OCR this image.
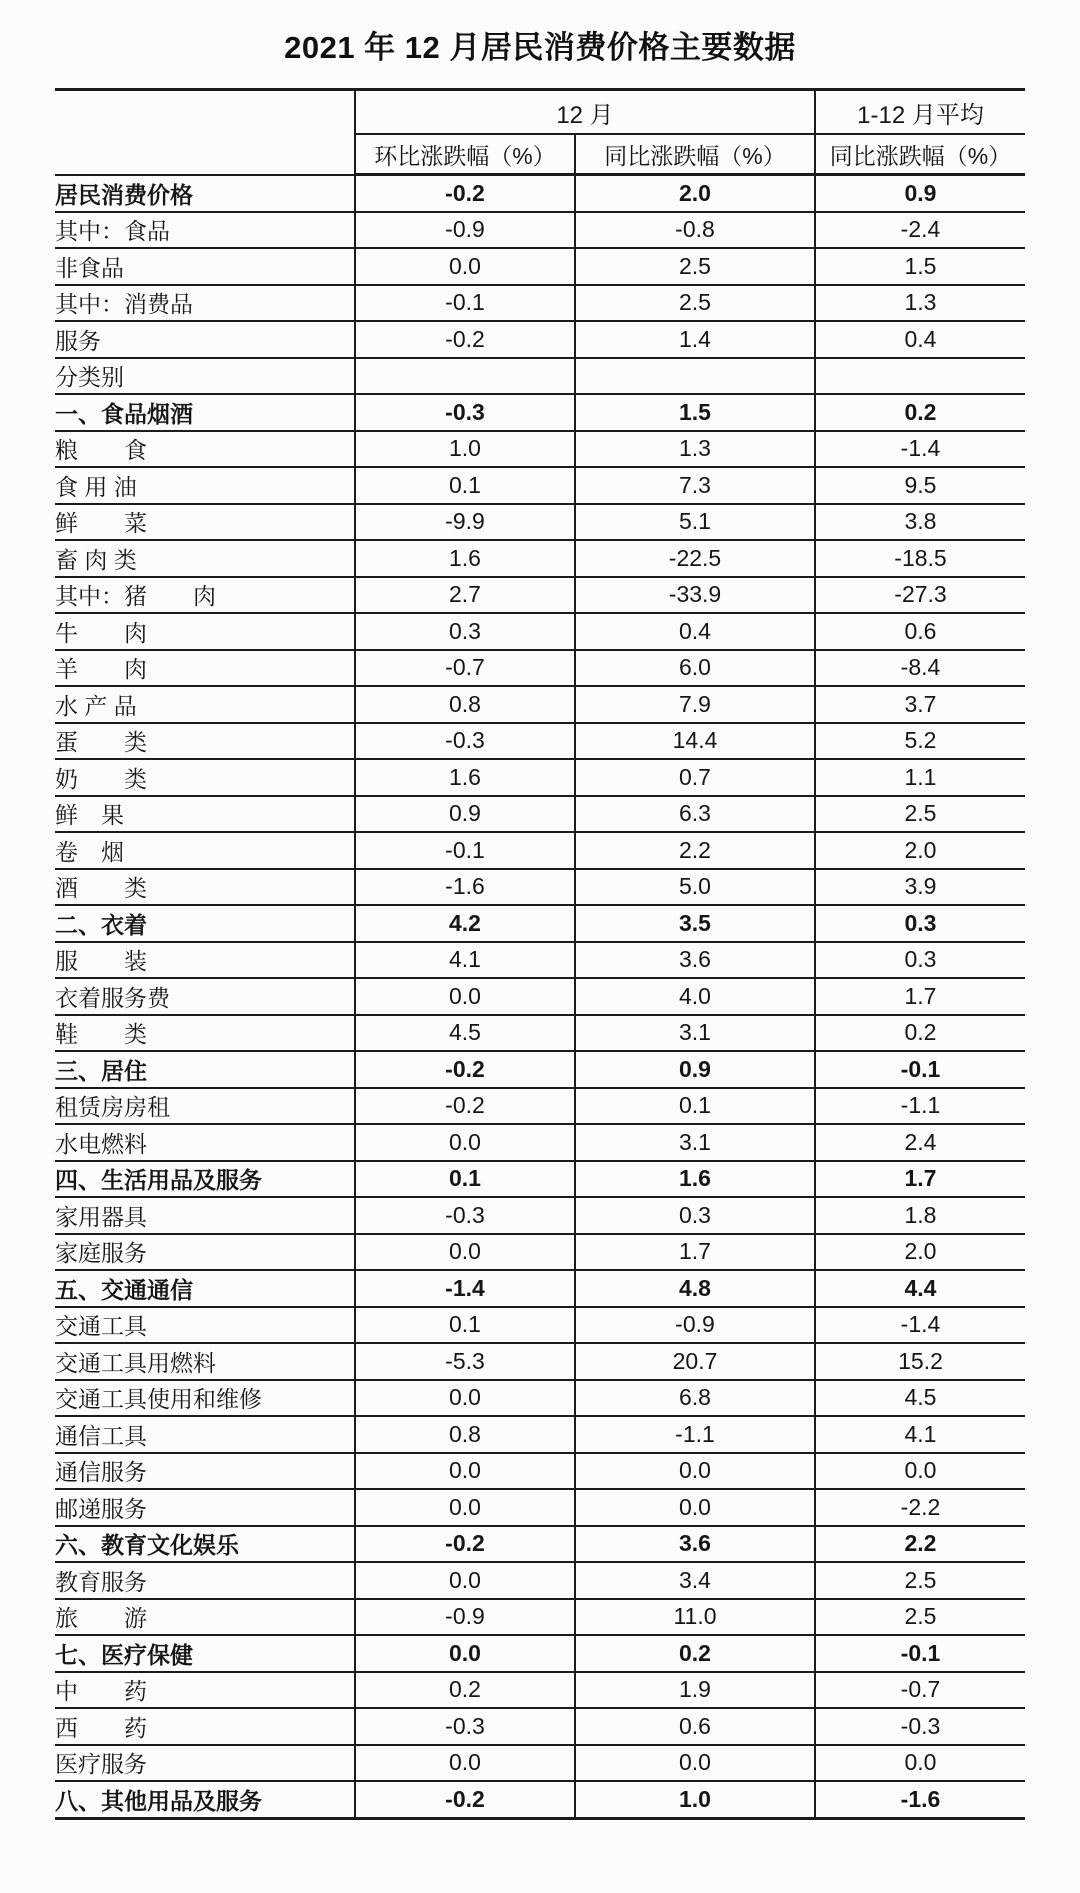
2021 年 12 月居民消费价格主要数据
	12 月		1-12 月平均
	环比涨跌幅（%）	同比涨跌幅（%）	同比涨跌幅（%）
居民消费价格	-0.2	2.0	0.9
其中：食品	-0.9	-0.8	-2.4
非食品	0.0	2.5	1.5
其中：消费品	-0.1	2.5	1.3
服务	-0.2	1.4	0.4
分类别			
一、食品烟酒	-0.3	1.5	0.2
粮　　食	1.0	1.3	-1.4
食 用 油	0.1	7.3	9.5
鲜　　菜	-9.9	5.1	3.8
畜 肉 类	1.6	-22.5	-18.5
其中：猪　　肉	2.7	-33.9	-27.3
牛　　肉	0.3	0.4	0.6
羊　　肉	-0.7	6.0	-8.4
水 产 品	0.8	7.9	3.7
蛋　　类	-0.3	14.4	5.2
奶　　类	1.6	0.7	1.1
鲜　果	0.9	6.3	2.5
卷　烟	-0.1	2.2	2.0
酒　　类	-1.6	5.0	3.9
二、衣着	4.2	3.5	0.3
服　　装	4.1	3.6	0.3
衣着服务费	0.0	4.0	1.7
鞋　　类	4.5	3.1	0.2
三、居住	-0.2	0.9	-0.1
租赁房房租	-0.2	0.1	-1.1
水电燃料	0.0	3.1	2.4
四、生活用品及服务	0.1	1.6	1.7
家用器具	-0.3	0.3	1.8
家庭服务	0.0	1.7	2.0
五、交通通信	-1.4	4.8	4.4
交通工具	0.1	-0.9	-1.4
交通工具用燃料	-5.3	20.7	15.2
交通工具使用和维修	0.0	6.8	4.5
通信工具	0.8	-1.1	4.1
通信服务	0.0	0.0	0.0
邮递服务	0.0	0.0	-2.2
六、教育文化娱乐	-0.2	3.6	2.2
教育服务	0.0	3.4	2.5
旅　　游	-0.9	11.0	2.5
七、医疗保健	0.0	0.2	-0.1
中　　药	0.2	1.9	-0.7
西　　药	-0.3	0.6	-0.3
医疗服务	0.0	0.0	0.0
八、其他用品及服务	-0.2	1.0	-1.6
